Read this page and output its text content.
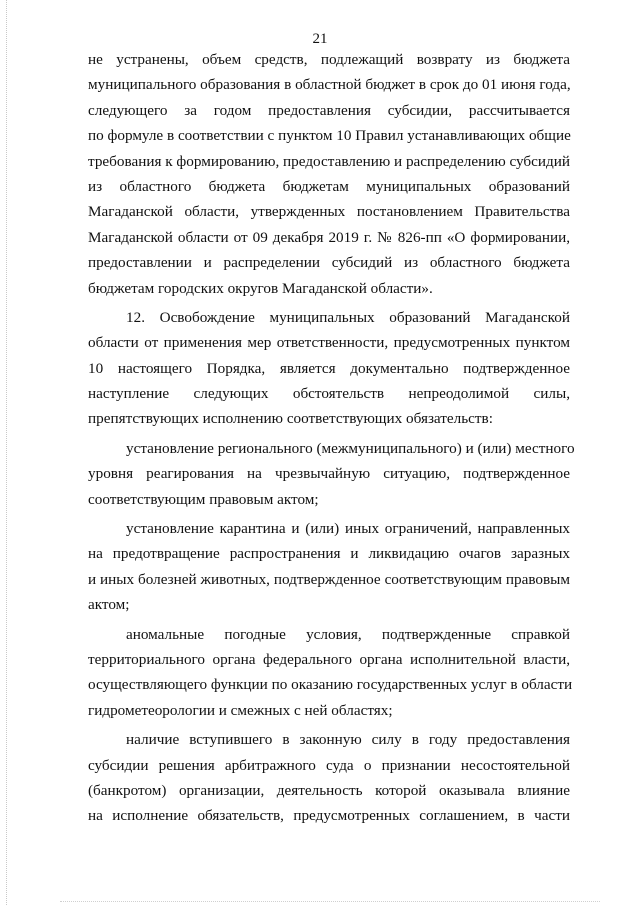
21
не устранены, объем средств, подлежащий возврату из бюджета
муниципального образования в областной бюджет в срок до 01 июня года,
следующего за годом предоставления субсидии, рассчитывается
по формуле в соответствии с пунктом 10 Правил устанавливающих общие
требования к формированию, предоставлению и распределению субсидий
из областного бюджета бюджетам муниципальных образований
Магаданской области, утвержденных постановлением Правительства
Магаданской области от 09 декабря 2019 г. № 826-пп «О формировании,
предоставлении и распределении субсидий из областного бюджета
бюджетам городских округов Магаданской области».
12. Освобождение муниципальных образований Магаданской
области от применения мер ответственности, предусмотренных пунктом
10 настоящего Порядка, является документально подтвержденное
наступление следующих обстоятельств непреодолимой силы,
препятствующих исполнению соответствующих обязательств:
установление регионального (межмуниципального) и (или) местного
уровня реагирования на чрезвычайную ситуацию, подтвержденное
соответствующим правовым актом;
установление карантина и (или) иных ограничений, направленных
на предотвращение распространения и ликвидацию очагов заразных
и иных болезней животных, подтвержденное соответствующим правовым
актом;
аномальные погодные условия, подтвержденные справкой
территориального органа федерального органа исполнительной власти,
осуществляющего функции по оказанию государственных услуг в области
гидрометеорологии и смежных с ней областях;
наличие вступившего в законную силу в году предоставления
субсидии решения арбитражного суда о признании несостоятельной
(банкротом) организации, деятельность которой оказывала влияние
на исполнение обязательств, предусмотренных соглашением, в части
